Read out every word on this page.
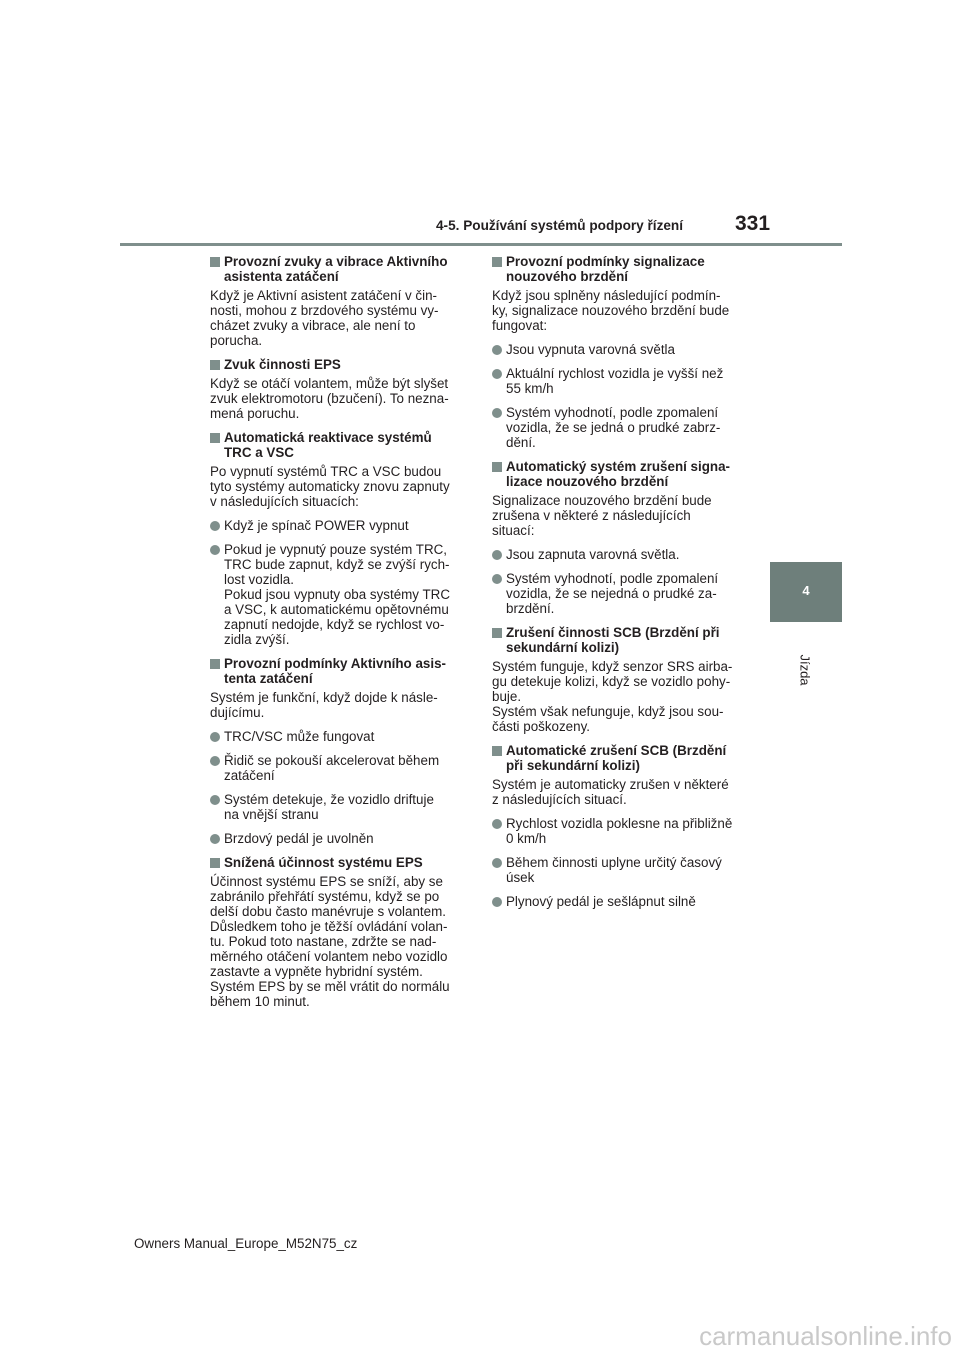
4-5. Používání systémů podpory řízení 331
4
Jízda
Provozní zvuky a vibrace Aktivního
asistenta zatáčení
Když je Aktivní asistent zatáčení v čin-
nosti, mohou z brzdového systému vy-
cházet zvuky a vibrace, ale není to
porucha.
Zvuk činnosti EPS
Když se otáčí volantem, může být slyšet
zvuk elektromotoru (bzučení). To nezna-
mená poruchu.
Automatická reaktivace systémů
TRC a VSC
Po vypnutí systémů TRC a VSC budou
tyto systémy automaticky znovu zapnuty
v následujících situacích:
Když je spínač POWER vypnut
Pokud je vypnutý pouze systém TRC,
TRC bude zapnut, když se zvýší rych-
lost vozidla.
Pokud jsou vypnuty oba systémy TRC
a VSC, k automatickému opětovnému
zapnutí nedojde, když se rychlost vo-
zidla zvýší.
Provozní podmínky Aktivního asis-
tenta zatáčení
Systém je funkční, když dojde k násle-
dujícímu.
TRC/VSC může fungovat
Řidič se pokouší akcelerovat během
zatáčení
Systém detekuje, že vozidlo driftuje
na vnější stranu
Brzdový pedál je uvolněn
Snížená účinnost systému EPS
Účinnost systému EPS se sníží, aby se
zabránilo přehřátí systému, když se po
delší dobu často manévruje s volantem.
Důsledkem toho je těžší ovládání volan-
tu. Pokud toto nastane, zdržte se nad-
měrného otáčení volantem nebo vozidlo
zastavte a vypněte hybridní systém.
Systém EPS by se měl vrátit do normálu
během 10 minut.
Provozní podmínky signalizace
nouzového brzdění
Když jsou splněny následující podmín-
ky, signalizace nouzového brzdění bude
fungovat:
Jsou vypnuta varovná světla
Aktuální rychlost vozidla je vyšší než
55 km/h
Systém vyhodnotí, podle zpomalení
vozidla, že se jedná o prudké zabrz-
dění.
Automatický systém zrušení signa-
lizace nouzového brzdění
Signalizace nouzového brzdění bude
zrušena v některé z následujících
situací:
Jsou zapnuta varovná světla.
Systém vyhodnotí, podle zpomalení
vozidla, že se nejedná o prudké za-
brzdění.
Zrušení činnosti SCB (Brzdění při
sekundární kolizi)
Systém funguje, když senzor SRS airba-
gu detekuje kolizi, když se vozidlo pohy-
buje.
Systém však nefunguje, když jsou sou-
části poškozeny.
Automatické zrušení SCB (Brzdění
při sekundární kolizi)
Systém je automaticky zrušen v některé
z následujících situací.
Rychlost vozidla poklesne na přibližně
0 km/h
Během činnosti uplyne určitý časový
úsek
Plynový pedál je sešlápnut silně
Owners Manual_Europe_M52N75_cz
carmanualsonline.info
